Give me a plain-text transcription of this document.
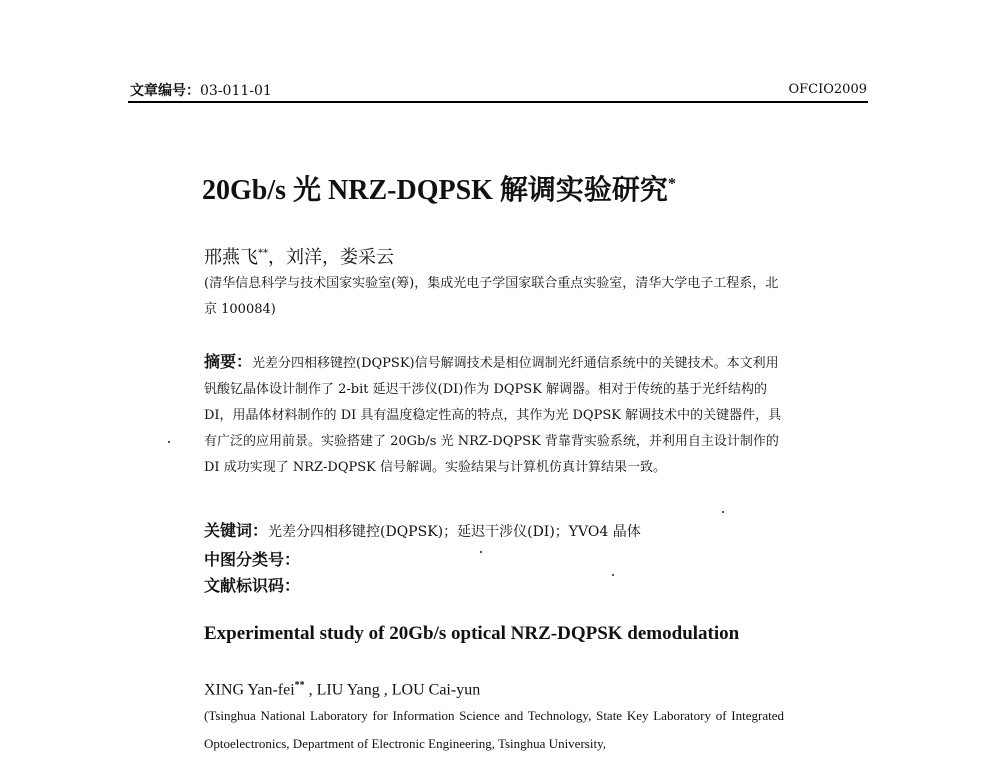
文章编号：03-011-01	OFCIO2009
20Gb/s 光 NRZ-DQPSK 解调实验研究*
邢燕飞**，刘洋，娄采云
(清华信息科学与技术国家实验室(筹)，集成光电子学国家联合重点实验室，清华大学电子工程系，北京 100084)
摘要：光差分四相移键控(DQPSK)信号解调技术是相位调制光纤通信系统中的关键技术。本文利用钒酸钇晶体设计制作了 2-bit 延迟干涉仪(DI)作为 DQPSK 解调器。相对于传统的基于光纤结构的 DI，用晶体材料制作的 DI 具有温度稳定性高的特点，其作为光 DQPSK 解调技术中的关键器件，具有广泛的应用前景。实验搭建了 20Gb/s 光 NRZ-DQPSK 背靠背实验系统，并利用自主设计制作的 DI 成功实现了 NRZ-DQPSK 信号解调。实验结果与计算机仿真计算结果一致。
关键词：光差分四相移键控(DQPSK)；延迟干涉仪(DI)；YVO4 晶体
中图分类号：
文献标识码：
Experimental study of 20Gb/s optical NRZ-DQPSK demodulation
XING Yan-fei** , LIU Yang , LOU Cai-yun
(Tsinghua National Laboratory for Information Science and Technology, State Key Laboratory of Integrated Optoelectronics, Department of Electronic Engineering, Tsinghua University,
